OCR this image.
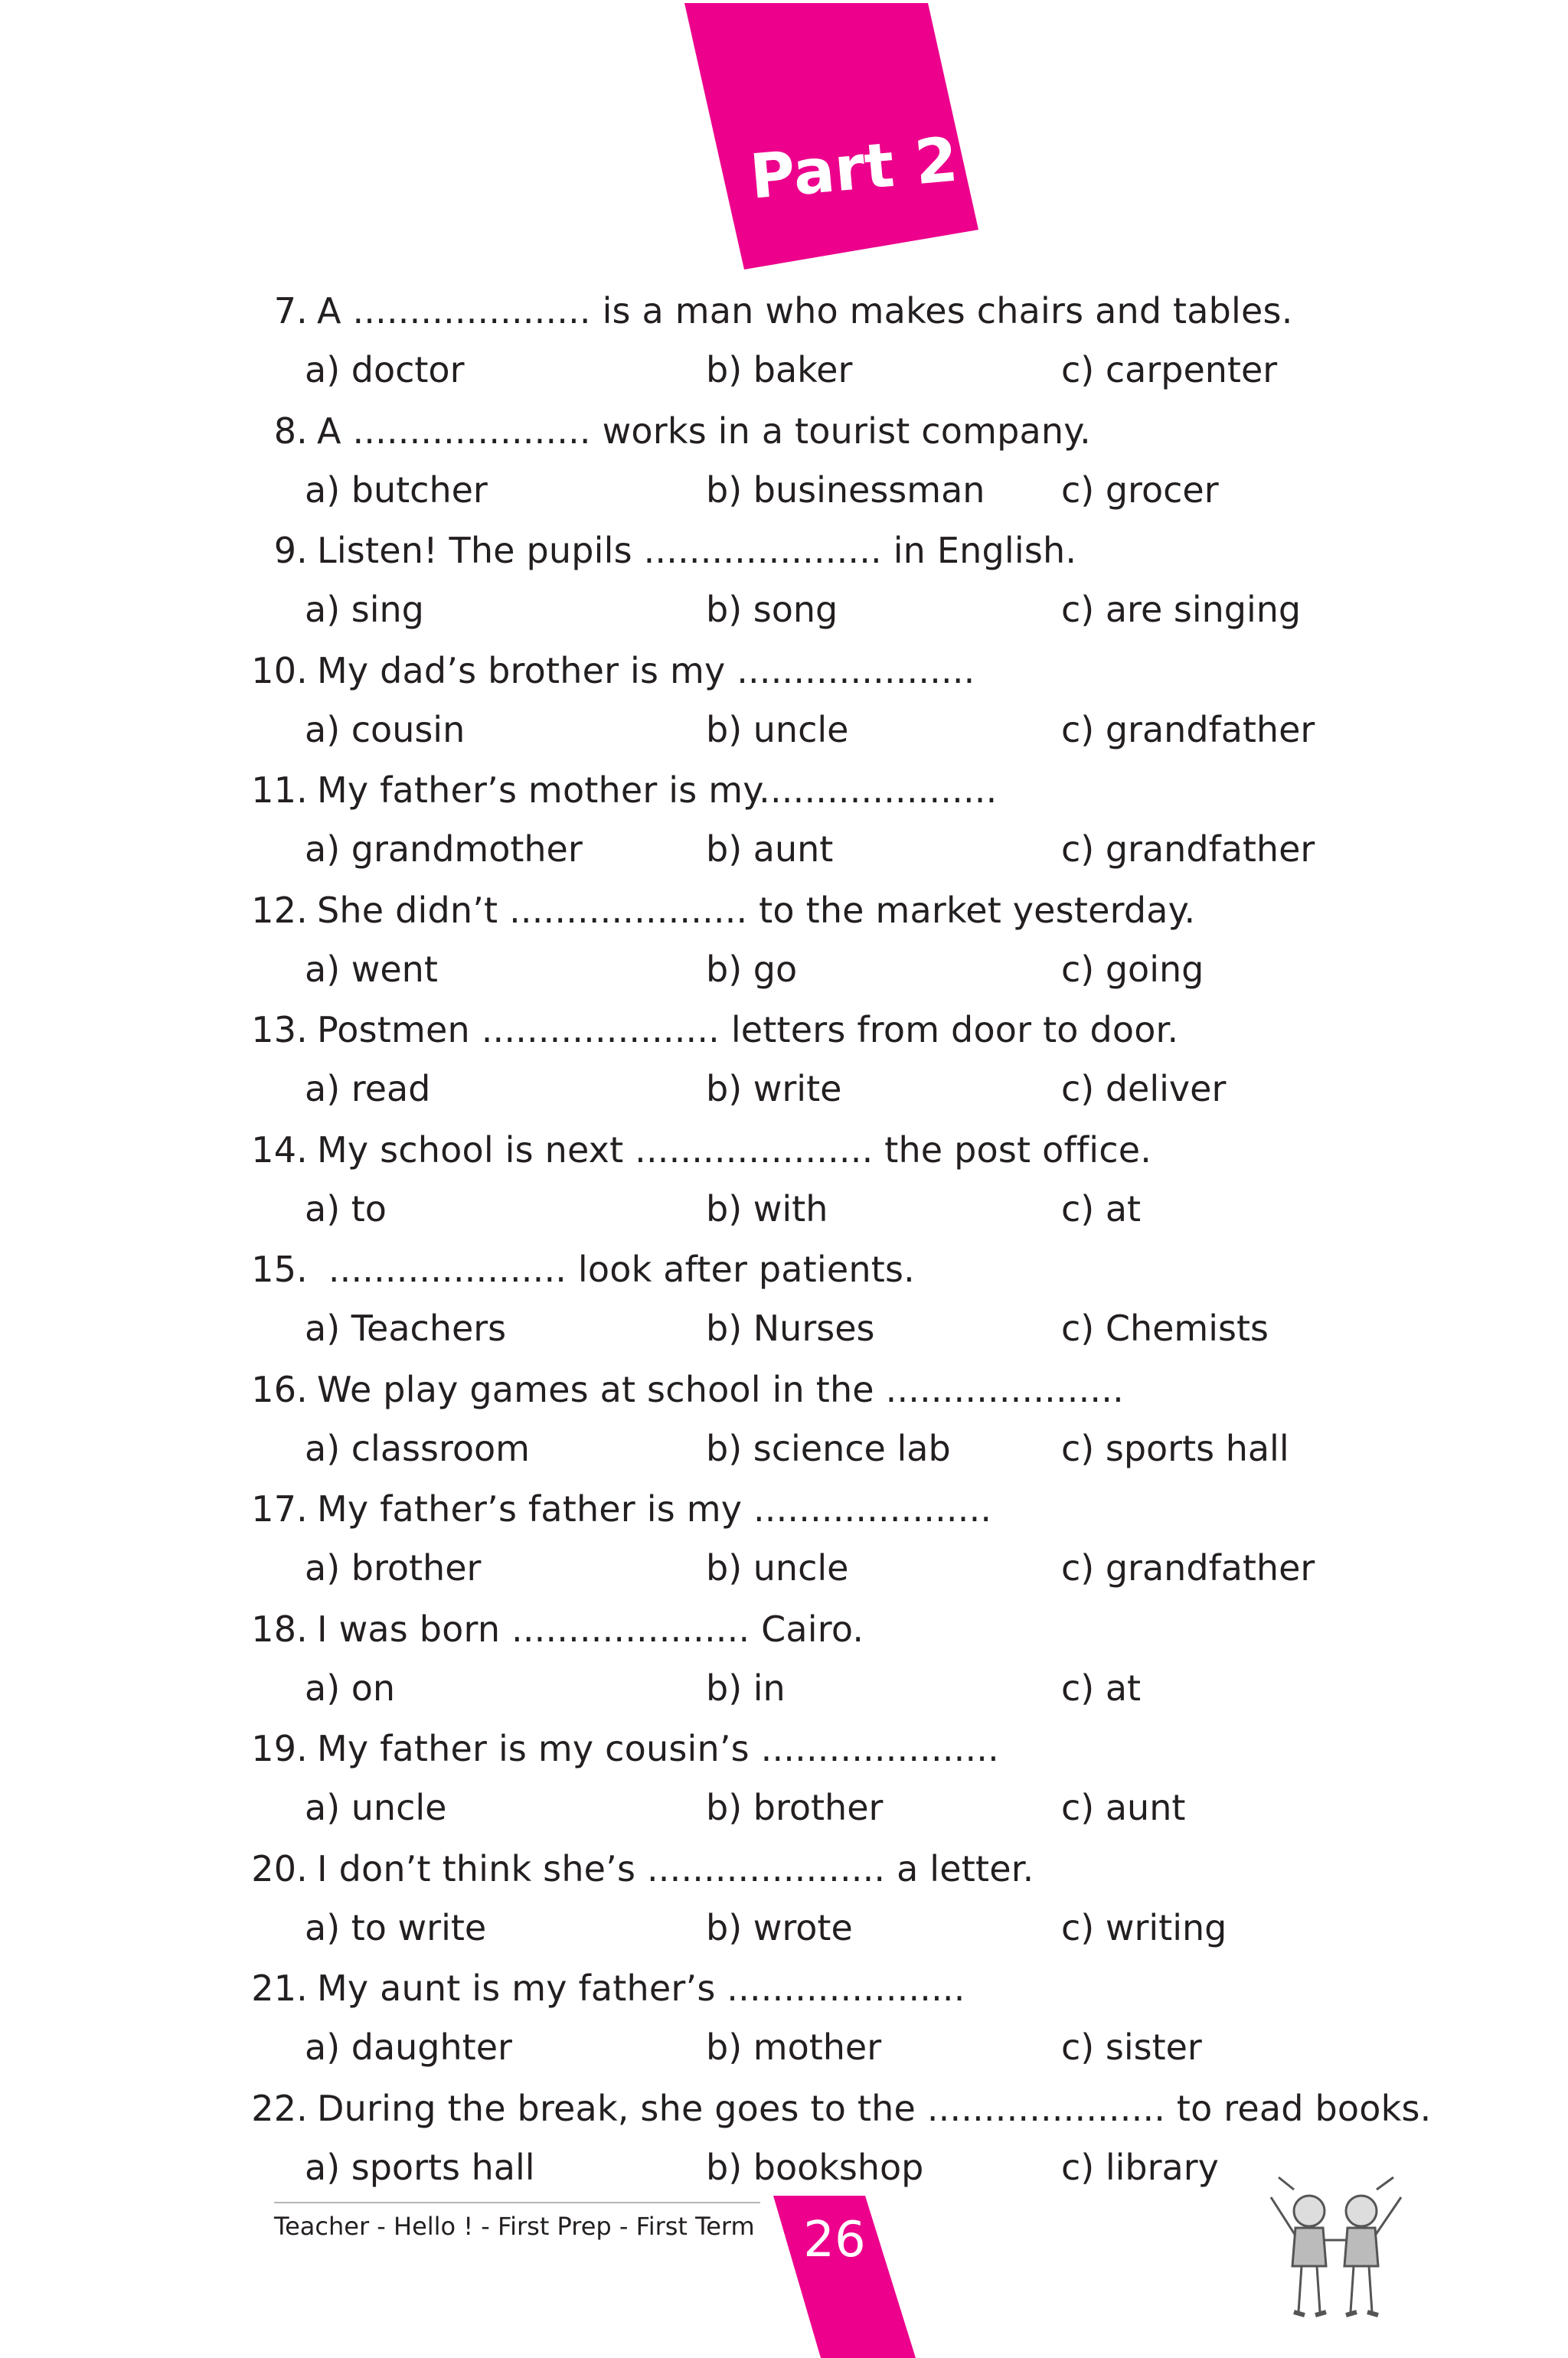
Part 2
7. A ..................... is a man who makes chairs and tables.
a) doctor	b) baker	c) carpenter
8. A ..................... works in a tourist company.
a) butcher	b) businessman c) grocer
9. Listen! The pupils ..................... in English.
a) sing	b) song	c) are singing
10. My dad’s brother is my .....................
a) cousin	b) uncle	c) grandfather
11. My father’s mother is my.....................
a) grandmother	b) aunt	c) grandfather
12. She didn’t ..................... to the market yesterday.
a) went	b) go	c) going
13. Postmen ..................... letters from door to door.
a) read	b) write	c) deliver
14. My school is next ..................... the post office.
a) to	b) with	c) at
15. ..................... look after patients.
a) Teachers	b) Nurses	c) Chemists
16. We play games at school in the .....................
a) classroom	b) science lab	c) sports hall
17. My father’s father is my .....................
a) brother	b) uncle	c) grandfather
18. I was born ..................... Cairo.
a) on	b) in	c) at
19. My father is my cousin’s .....................
a) uncle	b) brother	c) aunt
20. I don’t think she’s ..................... a letter.
a) to write	b) wrote	c) writing
21. My aunt is my father’s .....................
a) daughter	b) mother	c) sister
22. During the break, she goes to the ..................... to read books.
a) sports hall	b) bookshop	c) library
Teacher - Hello ! - First Prep - First Term 26
